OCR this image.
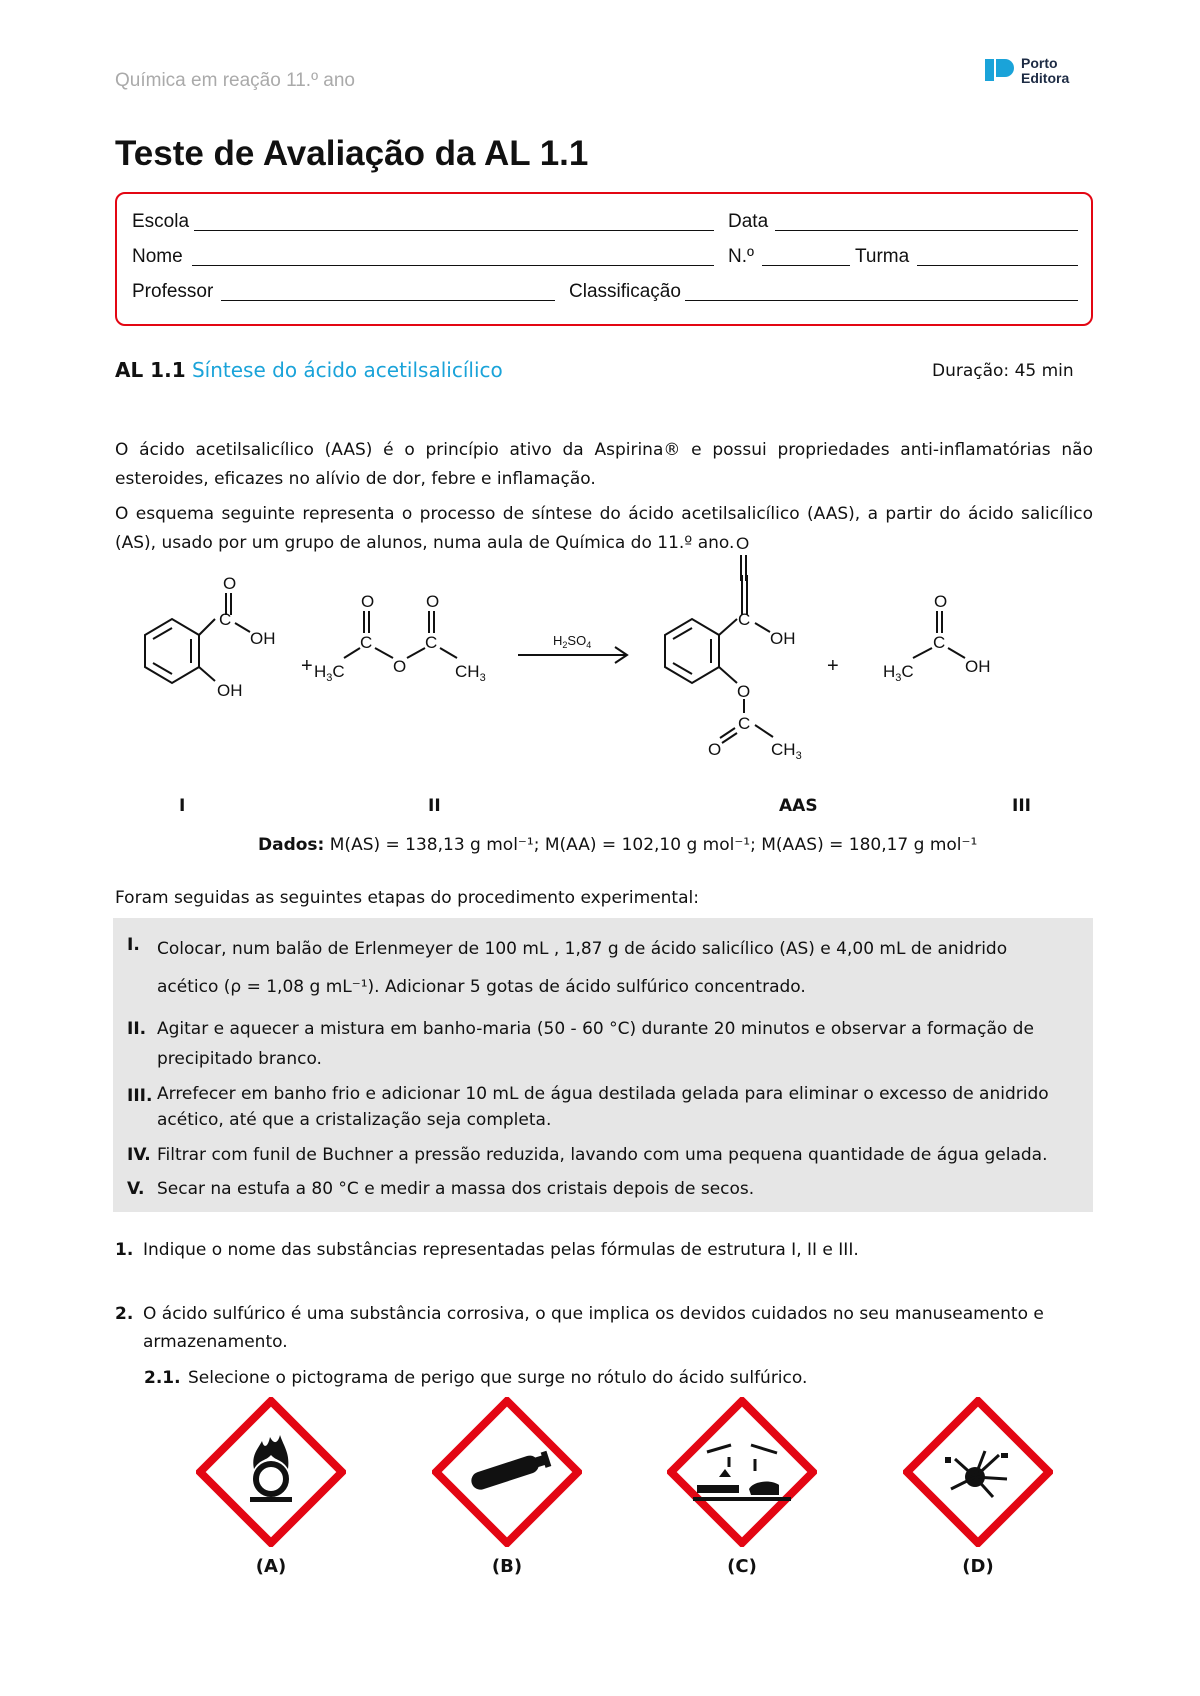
Química em reação 11.º ano
Porto
Editora
Teste de Avaliação da AL 1.1
Escola	Data
Nome	N.º	Turma
Professor	Classificação
AL 1.1 Síntese do ácido acetilsalicílico	Duração: 45 min
O ácido acetilsalicílico (AAS) é o princípio ativo da Aspirina® e possui propriedades anti-inflamatórias não esteroides, eficazes no alívio de dor, febre e inflamação.
O esquema seguinte representa o processo de síntese do ácido acetilsalicílico (AAS), a partir do ácido salicílico (AS), usado por um grupo de alunos, numa aula de Química do 11.º ano.
C
O
OH
OH
+ $H_3C$
C
O
O
C
O
$CH_3$
$H_2SO_4$
C
OH
O
C
O	$CH_3$
+	$H_3C$
C
O
OH
O
I	II	AAS	III
Dados: M(AS) = 138,13 g mol⁻¹; M(AA) = 102,10 g mol⁻¹; M(AAS) = 180,17 g mol⁻¹
Foram seguidas as seguintes etapas do procedimento experimental:
I. Colocar, num balão de Erlenmeyer de 100 mL , 1,87 g de ácido salicílico (AS) e 4,00 mL de anidrido acético (ρ = 1,08 g mL⁻¹). Adicionar 5 gotas de ácido sulfúrico concentrado.
II. Agitar e aquecer a mistura em banho-maria (50 - 60 °C) durante 20 minutos e observar a formação de precipitado branco.
III. Arrefecer em banho frio e adicionar 10 mL de água destilada gelada para eliminar o excesso de anidrido acético, até que a cristalização seja completa.
IV. Filtrar com funil de Buchner a pressão reduzida, lavando com uma pequena quantidade de água gelada.
V. Secar na estufa a 80 °C e medir a massa dos cristais depois de secos.
1. Indique o nome das substâncias representadas pelas fórmulas de estrutura I, II e III.
2. O ácido sulfúrico é uma substância corrosiva, o que implica os devidos cuidados no seu manuseamento e armazenamento.
2.1. Selecione o pictograma de perigo que surge no rótulo do ácido sulfúrico.
(A)	(B)	(C)	(D)
